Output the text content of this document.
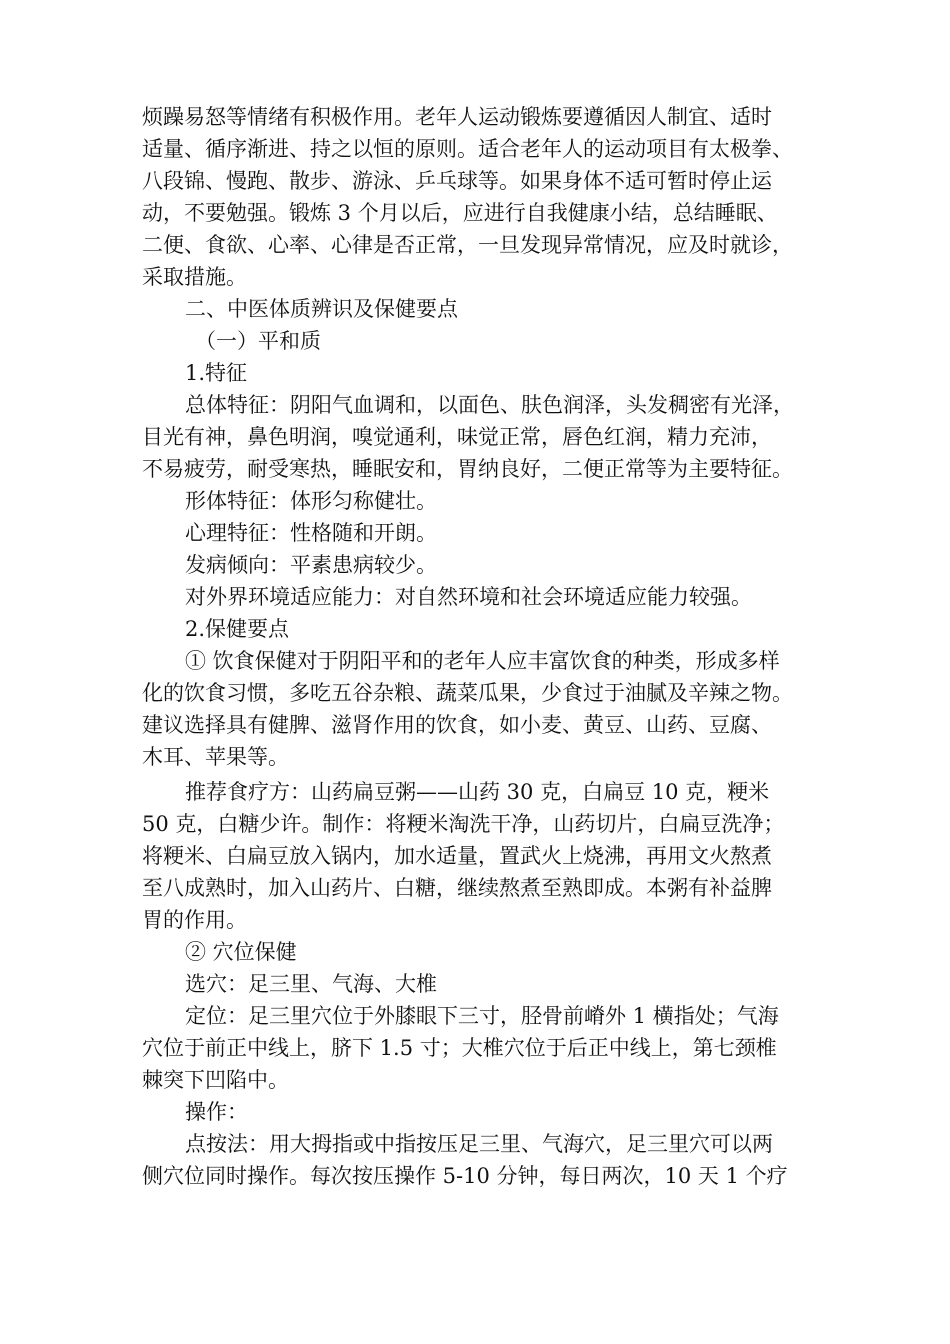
烦躁易怒等情绪有积极作用。老年人运动锻炼要遵循因人制宜、适时
适量、循序渐进、持之以恒的原则。适合老年人的运动项目有太极拳、
八段锦、慢跑、散步、游泳、乒乓球等。如果身体不适可暂时停止运
动，不要勉强。锻炼 3 个月以后，应进行自我健康小结，总结睡眠、
二便、食欲、心率、心律是否正常，一旦发现异常情况，应及时就诊，
采取措施。
二、中医体质辨识及保健要点
（一）平和质
1.特征
总体特征：阴阳气血调和，以面色、肤色润泽，头发稠密有光泽，
目光有神，鼻色明润，嗅觉通利，味觉正常，唇色红润，精力充沛，
不易疲劳，耐受寒热，睡眠安和，胃纳良好，二便正常等为主要特征。
形体特征：体形匀称健壮。
心理特征：性格随和开朗。
发病倾向：平素患病较少。
对外界环境适应能力：对自然环境和社会环境适应能力较强。
2.保健要点
① 饮食保健对于阴阳平和的老年人应丰富饮食的种类，形成多样
化的饮食习惯，多吃五谷杂粮、蔬菜瓜果，少食过于油腻及辛辣之物。
建议选择具有健脾、滋肾作用的饮食，如小麦、黄豆、山药、豆腐、
木耳、苹果等。
推荐食疗方：山药扁豆粥——山药 30 克，白扁豆 10 克，粳米
50 克，白糖少许。制作：将粳米淘洗干净，山药切片，白扁豆洗净；
将粳米、白扁豆放入锅内，加水适量，置武火上烧沸，再用文火熬煮
至八成熟时，加入山药片、白糖，继续熬煮至熟即成。本粥有补益脾
胃的作用。
② 穴位保健
选穴：足三里、气海、大椎
定位：足三里穴位于外膝眼下三寸，胫骨前嵴外 1 横指处；气海
穴位于前正中线上，脐下 1.5 寸；大椎穴位于后正中线上，第七颈椎
棘突下凹陷中。
操作：
点按法：用大拇指或中指按压足三里、气海穴，足三里穴可以两
侧穴位同时操作。每次按压操作 5-10 分钟，每日两次，10 天 1 个疗
